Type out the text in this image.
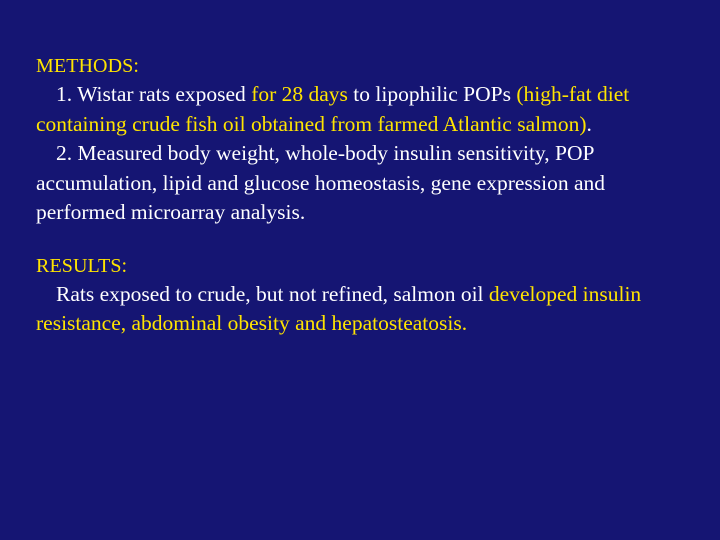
METHODS:
1. Wistar rats exposed for 28 days to lipophilic POPs (high-fat diet containing crude fish oil obtained from farmed Atlantic salmon).
2. Measured body weight, whole-body insulin sensitivity, POP accumulation, lipid and glucose homeostasis, gene expression and performed microarray analysis.
RESULTS:
Rats exposed to crude, but not refined, salmon oil developed insulin resistance, abdominal obesity and hepatosteatosis.
